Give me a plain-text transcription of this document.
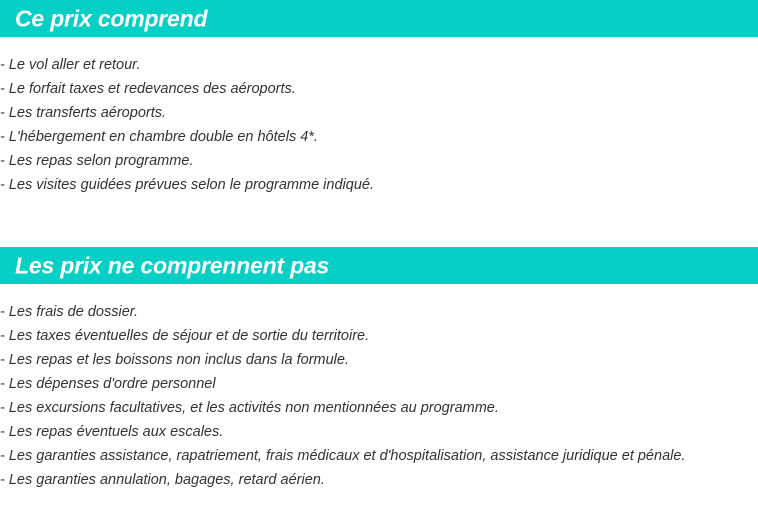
Ce prix comprend
- Le vol aller et retour.
- Le forfait taxes et redevances des aéroports.
- Les transferts aéroports.
- L'hébergement en chambre double en hôtels 4*.
- Les repas selon programme.
- Les visites guidées prévues selon le programme indiqué.
Les prix ne comprennent pas
- Les frais de dossier.
- Les taxes éventuelles de séjour et de sortie du territoire.
- Les repas et les boissons non inclus dans la formule.
- Les dépenses d'ordre personnel
- Les excursions facultatives, et les activités non mentionnées au programme.
- Les repas éventuels aux escales.
- Les garanties assistance, rapatriement, frais médicaux et d'hospitalisation, assistance juridique et pénale.
- Les garanties annulation, bagages, retard aérien.
